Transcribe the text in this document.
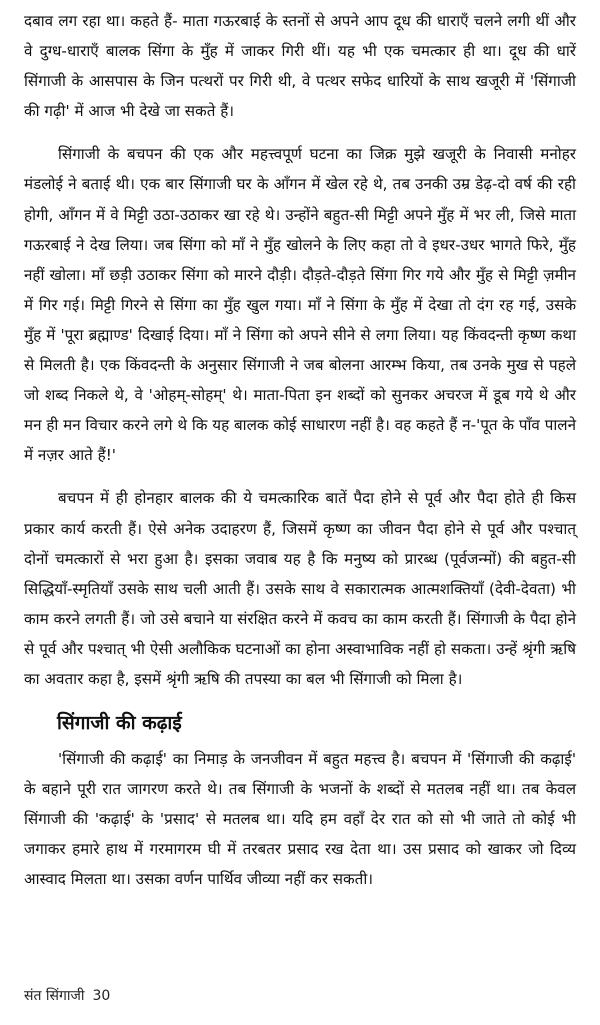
दबाव लग रहा था। कहते हैं- माता गऊरबाई के स्तनों से अपने आप दूध की धाराएँ चलने लगी थीं और वे दुग्ध-धाराएँ बालक सिंगा के मुँह में जाकर गिरी थीं। यह भी एक चमत्कार ही था। दूध की धारें सिंगाजी के आसपास के जिन पत्थरों पर गिरी थी, वे पत्थर सफेद धारियों के साथ खजूरी में 'सिंगाजी की गढ़ी' में आज भी देखे जा सकते हैं।

सिंगाजी के बचपन की एक और महत्त्वपूर्ण घटना का जिक्र मुझे खजूरी के निवासी मनोहर मंडलोई ने बताई थी। एक बार सिंगाजी घर के आँगन में खेल रहे थे, तब उनकी उम्र डेढ़-दो वर्ष की रही होगी, आँगन में वे मिट्टी उठा-उठाकर खा रहे थे। उन्होंने बहुत-सी मिट्टी अपने मुँह में भर ली, जिसे माता गऊरबाई ने देख लिया। जब सिंगा को माँ ने मुँह खोलने के लिए कहा तो वे इधर-उधर भागते फिरे, मुँह नहीं खोला। माँ छड़ी उठाकर सिंगा को मारने दौड़ी। दौड़ते-दौड़ते सिंगा गिर गये और मुँह से मिट्टी ज़मीन में गिर गई। मिट्टी गिरने से सिंगा का मुँह खुल गया। माँ ने सिंगा के मुँह में देखा तो दंग रह गई, उसके मुँह में 'पूरा ब्रह्माण्ड' दिखाई दिया। माँ ने सिंगा को अपने सीने से लगा लिया। यह किंवदन्ती कृष्ण कथा से मिलती है। एक किंवदन्ती के अनुसार सिंगाजी ने जब बोलना आरम्भ किया, तब उनके मुख से पहले जो शब्द निकले थे, वे 'ओहम्-सोहम्' थे। माता-पिता इन शब्दों को सुनकर अचरज में डूब गये थे और मन ही मन विचार करने लगे थे कि यह बालक कोई साधारण नहीं है। वह कहते हैं न-'पूत के पाँव पालने में नज़र आते हैं!'

बचपन में ही होनहार बालक की ये चमत्कारिक बातें पैदा होने से पूर्व और पैदा होते ही किस प्रकार कार्य करती हैं। ऐसे अनेक उदाहरण हैं, जिसमें कृष्ण का जीवन पैदा होने से पूर्व और पश्चात् दोनों चमत्कारों से भरा हुआ है। इसका जवाब यह है कि मनुष्य को प्रारब्ध (पूर्वजन्मों) की बहुत-सी सिद्धियाँ-स्मृतियाँ उसके साथ चली आती हैं। उसके साथ वे सकारात्मक आत्मशक्तियाँ (देवी-देवता) भी काम करने लगती हैं। जो उसे बचाने या संरक्षित करने में कवच का काम करती हैं। सिंगाजी के पैदा होने से पूर्व और पश्चात् भी ऐसी अलौकिक घटनाओं का होना अस्वाभाविक नहीं हो सकता। उन्हें श्रृंगी ऋषि का अवतार कहा है, इसमें श्रृंगी ऋषि की तपस्या का बल भी सिंगाजी को मिला है।

सिंगाजी की कढ़ाई

'सिंगाजी की कढ़ाई' का निमाड़ के जनजीवन में बहुत महत्त्व है। बचपन में 'सिंगाजी की कढ़ाई' के बहाने पूरी रात जागरण करते थे। तब सिंगाजी के भजनों के शब्दों से मतलब नहीं था। तब केवल सिंगाजी की 'कढ़ाई' के 'प्रसाद' से मतलब था। यदि हम वहाँ देर रात को सो भी जाते तो कोई भी जगाकर हमारे हाथ में गरमागरम घी में तरबतर प्रसाद रख देता था। उस प्रसाद को खाकर जो दिव्य आस्वाद मिलता था। उसका वर्णन पार्थिव जीव्या नहीं कर सकती।

संत सिंगाजी 30
